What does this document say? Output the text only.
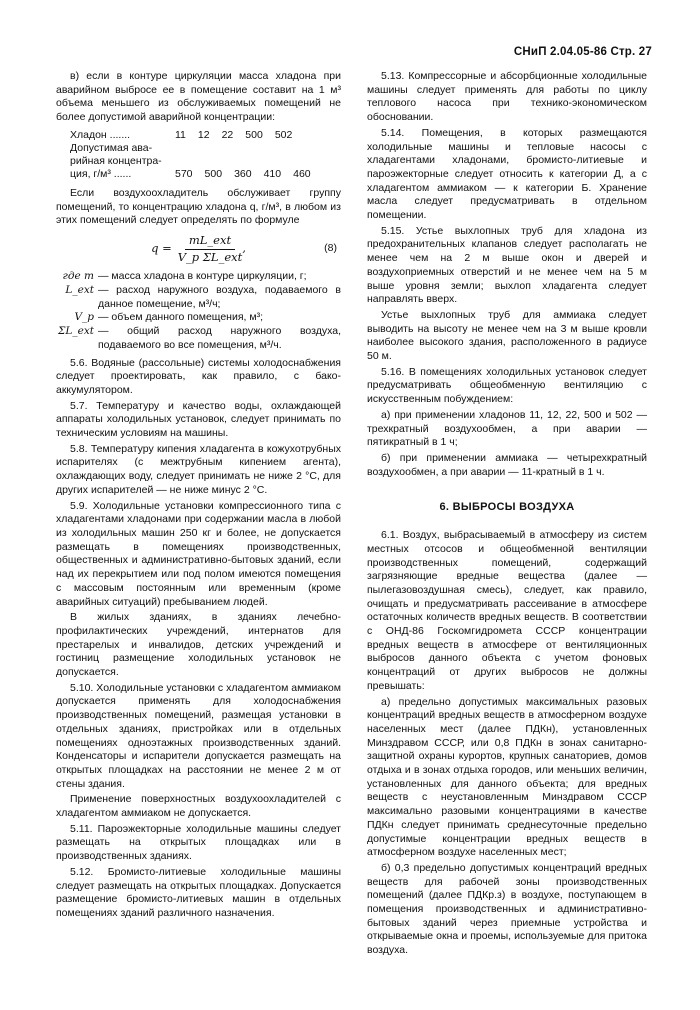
СНиП 2.04.05-86 Стр. 27

в) если в контуре циркуляции масса хладона при аварийном выбросе ее в помещение составит на 1 м³ объема меньшего из обслуживаемых помещений не более допустимой аварийной концентрации:

Хладон .......	11 12 22 500 502
Допустимая ава-
рийная концентра-
ция, г/м³ ......	570 500 360 410 460

Если воздухоохладитель обслуживает группу помещений, то концентрацию хладона q, г/м³, в любом из этих помещений следует определять по формуле

$q = \frac{\text{mL\_ext}}{\text{V\_p ΣL\_ext}}$ ,	(8)
где m — масса хладона в контуре циркуляции, г;
L_ext — расход наружного воздуха, подаваемого в данное помещение, м³/ч;
V_p — объем данного помещения, м³;
ΣL_ext — общий расход наружного воздуха, подаваемого во все помещения, м³/ч.

5.6. Водяные (рассольные) системы холодоснабжения следует проектировать, как правило, с бако-аккумулятором.

5.7. Температуру и качество воды, охлаждающей аппараты холодильных установок, следует принимать по техническим условиям на машины.

5.8. Температуру кипения хладагента в кожухотрубных испарителях (с межтрубным кипением агента), охлаждающих воду, следует принимать не ниже 2 °С, для других испарителей — не ниже минус 2 °С.

5.9. Холодильные установки компрессионного типа с хладагентами хладонами при содержании масла в любой из холодильных машин 250 кг и более, не допускается размещать в помещениях производственных, общественных и административно-бытовых зданий, если над их перекрытием или под полом имеются помещения с массовым постоянным или временным (кроме аварийных ситуаций) пребыванием людей.

В жилых зданиях, в зданиях лечебно-профилактических учреждений, интернатов для престарелых и инвалидов, детских учреждений и гостиниц размещение холодильных установок не допускается.

5.10. Холодильные установки с хладагентом аммиаком допускается применять для холодоснабжения производственных помещений, размещая установки в отдельных зданиях, пристройках или в отдельных помещениях одноэтажных производственных зданий. Конденсаторы и испарители допускается размещать на открытых площадках на расстоянии не менее 2 м от стены здания.

Применение поверхностных воздухоохладителей с хладагентом аммиаком не допускается.

5.11. Пароэжекторные холодильные машины следует размещать на открытых площадках или в производственных зданиях.

5.12. Бромисто-литиевые холодильные машины следует размещать на открытых площадках. Допускается размещение бромисто-литиевых машин в отдельных помещениях зданий различного назначения.

5.13. Компрессорные и абсорбционные холодильные машины следует применять для работы по циклу теплового насоса при технико-экономическом обосновании.

5.14. Помещения, в которых размещаются холодильные машины и тепловые насосы с хладагентами хладонами, бромисто-литиевые и пароэжекторные следует относить к категории Д, а с хладагентом аммиаком — к категории Б. Хранение масла следует предусматривать в отдельном помещении.

5.15. Устье выхлопных труб для хладона из предохранительных клапанов следует располагать не менее чем на 2 м выше окон и дверей и воздухоприемных отверстий и не менее чем на 5 м выше уровня земли; выхлоп хладагента следует направлять вверх.

Устье выхлопных труб для аммиака следует выводить на высоту не менее чем на 3 м выше кровли наиболее высокого здания, расположенного в радиусе 50 м.

5.16. В помещениях холодильных установок следует предусматривать общеобменную вентиляцию с искусственным побуждением:

а) при применении хладонов 11, 12, 22, 500 и 502 — трехкратный воздухообмен, а при аварии — пятикратный в 1 ч;

б) при применении аммиака — четырехкратный воздухообмен, а при аварии — 11-кратный в 1 ч.

6. ВЫБРОСЫ ВОЗДУХА

6.1. Воздух, выбрасываемый в атмосферу из систем местных отсосов и общеобменной вентиляции производственных помещений, содержащий загрязняющие вредные вещества (далее — пылегазовоздушная смесь), следует, как правило, очищать и предусматривать рассеивание в атмосфере остаточных количеств вредных веществ. В соответствии с ОНД-86 Госкомгидромета СССР концентрации вредных веществ в атмосфере от вентиляционных выбросов данного объекта с учетом фоновых концентраций от других выбросов не должны превышать:

а) предельно допустимых максимальных разовых концентраций вредных веществ в атмосферном воздухе населенных мест (далее ПДКн), установленных Минздравом СССР, или 0,8 ПДКн в зонах санитарно-защитной охраны курортов, крупных санаториев, домов отдыха и в зонах отдыха городов, или меньших величин, установленных для данного объекта; для вредных веществ с неустановленным Минздравом СССР максимально разовыми концентрациями в качестве ПДКн следует принимать среднесуточные предельно допустимые концентрации вредных веществ в атмосферном воздухе населенных мест;

б) 0,3 предельно допустимых концентраций вредных веществ для рабочей зоны производственных помещений (далее ПДКр.з) в воздухе, поступающем в помещения производственных и административно-бытовых зданий через приемные устройства и открываемые окна и проемы, используемые для притока воздуха.
